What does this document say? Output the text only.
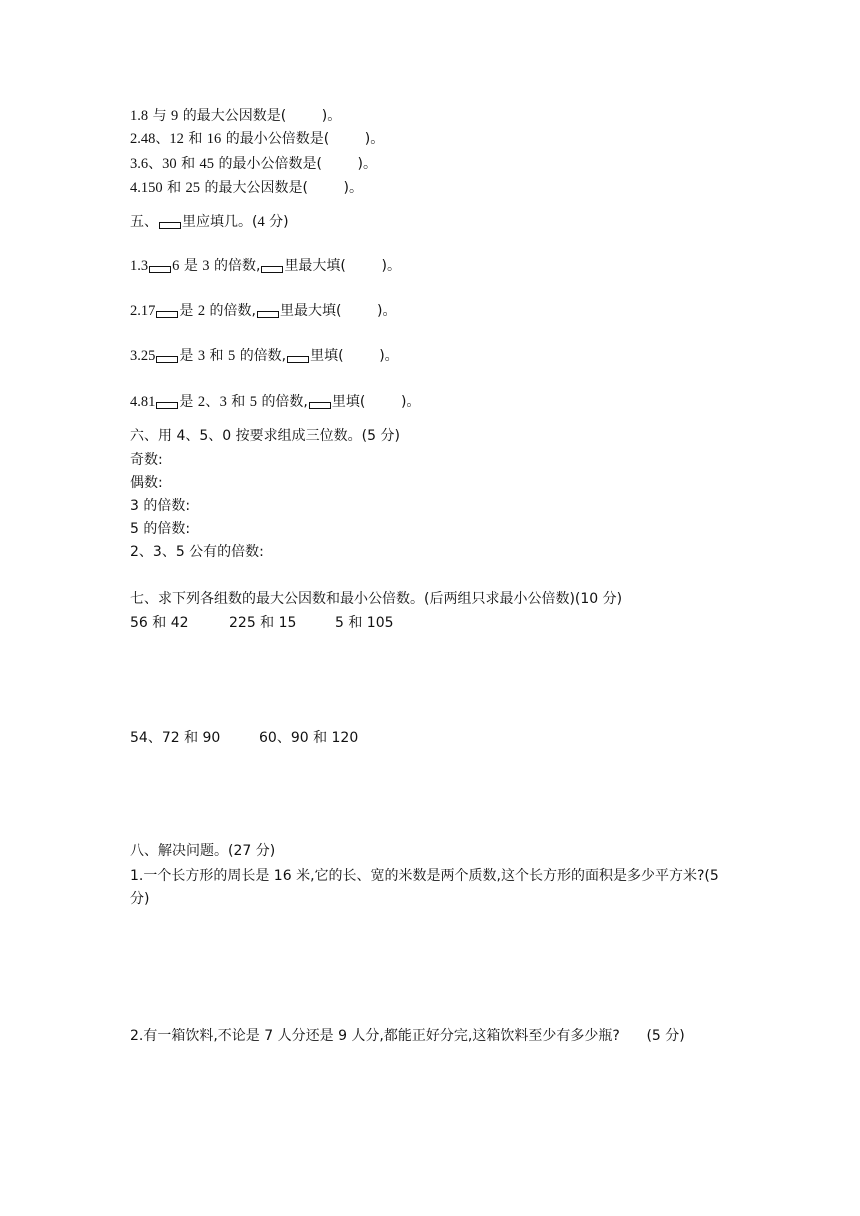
1.8 与 9 的最大公因数是(        )。
2.48、12 和 16 的最小公倍数是(        )。
3.6、30 和 45 的最小公倍数是(        )。
4.150 和 25 的最大公因数是(        )。
五、 里应填几。(4 分)
1.3 6 是 3 的倍数, 里最大填(        )。
2.17 是 2 的倍数, 里最大填(        )。
3.25 是 3 和 5 的倍数, 里填(        )。
4.81 是 2、3 和 5 的倍数, 里填(        )。
六、用 4、5、0 按要求组成三位数。(5 分)
奇数:
偶数:
3 的倍数:
5 的倍数:
2、3、5 公有的倍数:
七、求下列各组数的最大公因数和最小公倍数。(后两组只求最小公倍数)(10 分)
56 和 42	225 和 15	5 和 105
54、72 和 90	60、90 和 120
八、解决问题。(27 分)
1.一个长方形的周长是 16 米,它的长、宽的米数是两个质数,这个长方形的面积是多少平方米?(5 分)
2.有一箱饮料,不论是 7 人分还是 9 人分,都能正好分完,这箱饮料至少有多少瓶?      (5 分)
